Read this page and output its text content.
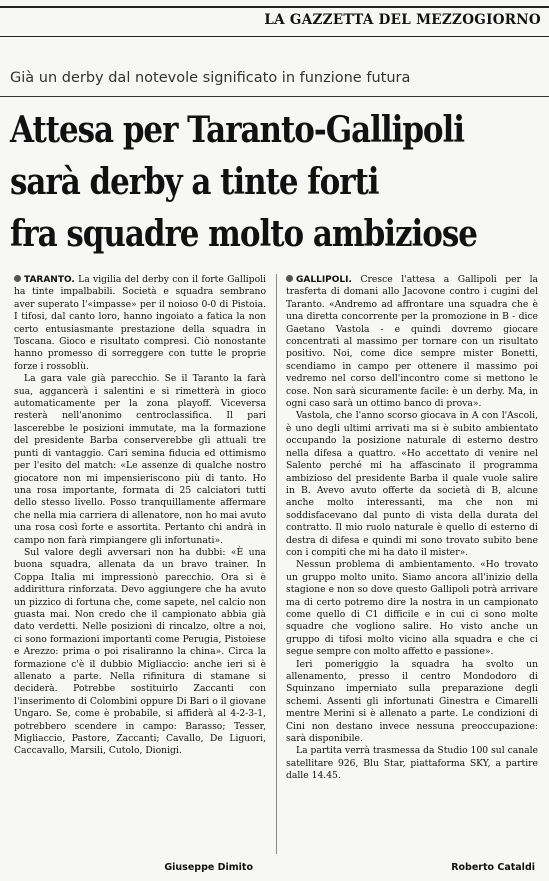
LA GAZZETTA DEL MEZZOGIORNO
Già un derby dal notevole significato in funzione futura
Attesa per Taranto-Gallipoli
sarà derby a tinte forti
fra squadre molto ambiziose

TARANTO. La vigilia del derby con il forte Gallipoli ha tinte impalbabili. Società e squadra sembrano aver superato l'«impasse» per il noioso 0-0 di Pistoia. I tifosi, dal canto loro, hanno ingoiato a fatica la non certo entusiasmante prestazione della squadra in Toscana. Gioco e risultato compresi. Ciò nonostante hanno promesso di sorreggere con tutte le proprie forze i rossoblù.

La gara vale già parecchio. Se il Taranto la farà sua, aggancerà i salentini e si rimetterà in gioco automaticamente per la zona playoff. Viceversa resterà nell'anonimo centroclassifica. Il pari lascerebbe le posizioni immutate, ma la formazione del presidente Barba conserverebbe gli attuali tre punti di vantaggio. Cari semina fiducia ed ottimismo per l'esito del match: «Le assenze di qualche nostro giocatore non mi impensieriscono più di tanto. Ho una rosa importante, formata di 25 calciatori tutti dello stesso livello. Posso tranquillamente affermare che nella mia carriera di allenatore, non ho mai avuto una rosa così forte e assortita. Pertanto chi andrà in campo non farà rimpiangere gli infortunati».

Sul valore degli avversari non ha dubbi: «È una buona squadra, allenata da un bravo trainer. In Coppa Italia mi impressionò parecchio. Ora si è addirittura rinforzata. Devo aggiungere che ha avuto un pizzico di fortuna che, come sapete, nel calcio non guasta mai. Non credo che il campionato abbia già dato verdetti. Nelle posizioni di rincalzo, oltre a noi, ci sono formazioni importanti come Perugia, Pistoiese e Arezzo: prima o poi risaliranno la china». Circa la formazione c'è il dubbio Migliaccio: anche ieri si è allenato a parte. Nella rifinitura di stamane si deciderà. Potrebbe sostituirlo Zaccanti con l'inserimento di Colombini oppure Di Bari o il giovane Ungaro. Se, come è probabile, si affiderà al 4-2-3-1, potrebbero scendere in campo: Barasso; Tesser, Migliaccio, Pastore, Zaccanti; Cavallo, De Liguori, Caccavallo, Marsili, Cutolo, Dionigi.

GALLIPOLI. Cresce l'attesa a Gallipoli per la trasferta di domani allo Jacovone contro i cugini del Taranto. «Andremo ad affrontare una squadra che è una diretta concorrente per la promozione in B - dice Gaetano Vastola - e quindi dovremo giocare concentrati al massimo per tornare con un risultato positivo. Noi, come dice sempre mister Bonetti, scendiamo in campo per ottenere il massimo poi vedremo nel corso dell'incontro come si mettono le cose. Non sarà sicuramente facile: è un derby. Ma, in ogni caso sarà un ottimo banco di prova».

Vastola, che l'anno scorso giocava in A con l'Ascoli, è uno degli ultimi arrivati ma si è subito ambientato occupando la posizione naturale di esterno destro nella difesa a quattro. «Ho accettato di venire nel Salento perché mi ha affascinato il programma ambizioso del presidente Barba il quale vuole salire in B. Avevo avuto offerte da società di B, alcune anche molto interessanti, ma che non mi soddisfacevano dal punto di vista della durata del contratto. Il mio ruolo naturale è quello di esterno di destra di difesa e quindi mi sono trovato subito bene con i compiti che mi ha dato il mister».

Nessun problema di ambientamento. «Ho trovato un gruppo molto unito. Siamo ancora all'inizio della stagione e non so dove questo Gallipoli potrà arrivare ma di certo potremo dire la nostra in un campionato come quello di C1 difficile e in cui ci sono molte squadre che vogliono salire. Ho visto anche un gruppo di tifosi molto vicino alla squadra e che ci segue sempre con molto affetto e passione».

Ieri pomeriggio la squadra ha svolto un allenamento, presso il centro Mondodoro di Squinzano imperniato sulla preparazione degli schemi. Assenti gli infortunati Ginestra e Cimarelli mentre Merini si è allenato a parte. Le condizioni di Cini non destano invece nessuna preoccupazione: sarà disponibile.

La partita verrà trasmessa da Studio 100 sul canale satellitare 926, Blu Star, piattaforma SKY, a partire dalle 14.45.

Giuseppe Dimito	Roberto Cataldi
